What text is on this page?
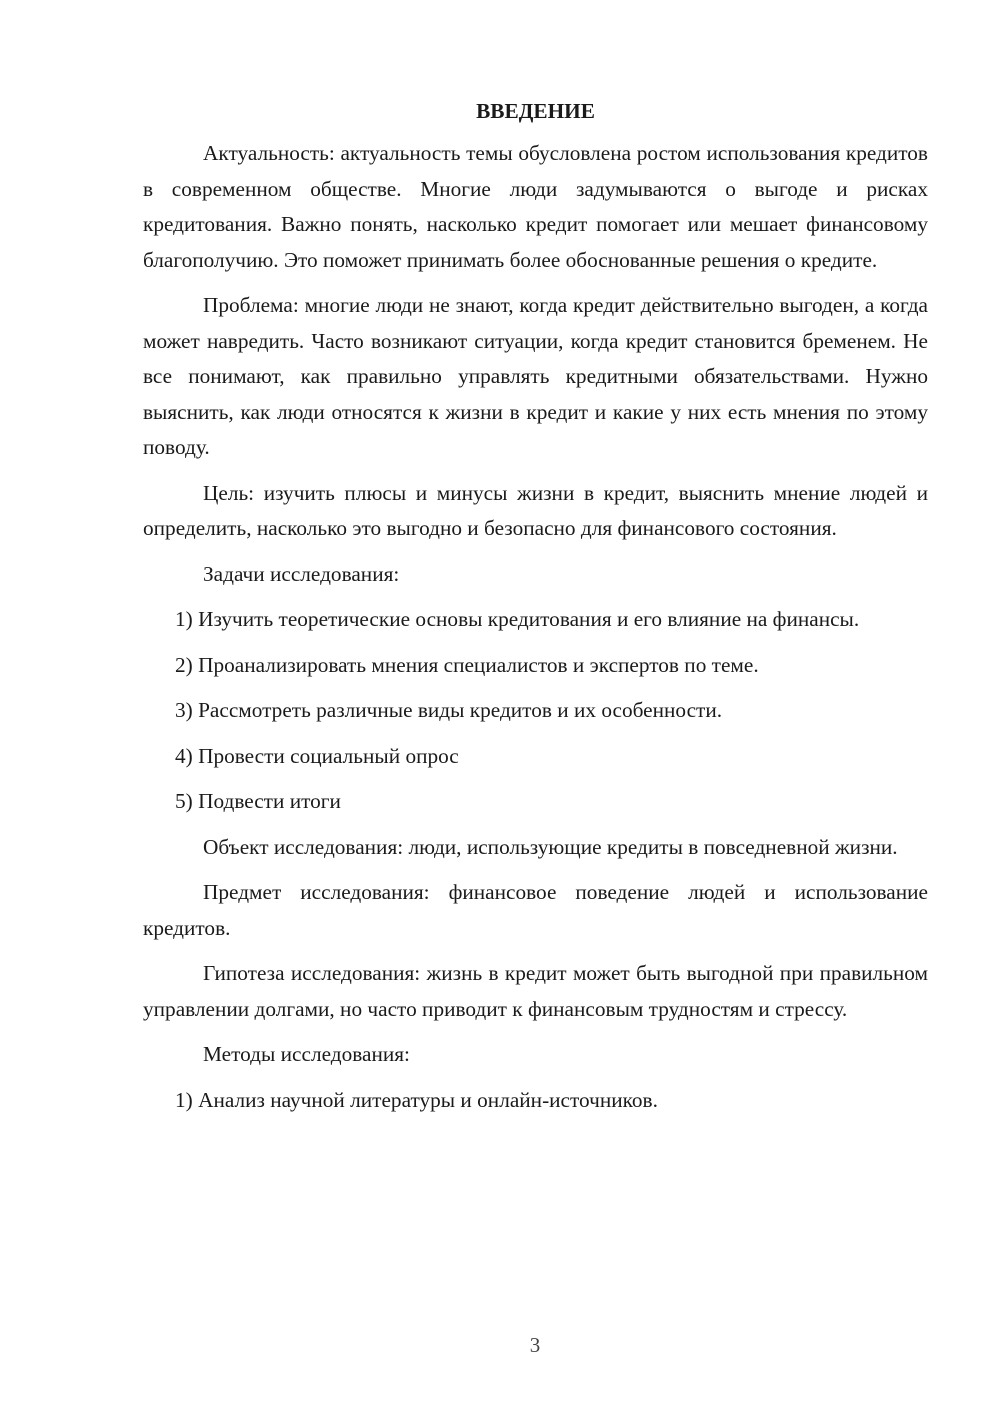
ВВЕДЕНИЕ

Актуальность: актуальность темы обусловлена ростом использования кредитов в современном обществе. Многие люди задумываются о выгоде и рисках кредитования. Важно понять, насколько кредит помогает или мешает финансовому благополучию. Это поможет принимать более обоснованные решения о кредите.

Проблема: многие люди не знают, когда кредит действительно выгоден, а когда может навредить. Часто возникают ситуации, когда кредит становится бременем. Не все понимают, как правильно управлять кредитными обязательствами. Нужно выяснить, как люди относятся к жизни в кредит и какие у них есть мнения по этому поводу.

Цель: изучить плюсы и минусы жизни в кредит, выяснить мнение людей и определить, насколько это выгодно и безопасно для финансового состояния.

Задачи исследования:

1) Изучить теоретические основы кредитования и его влияние на финансы.

2) Проанализировать мнения специалистов и экспертов по теме.

3) Рассмотреть различные виды кредитов и их особенности.

4) Провести социальный опрос

5) Подвести итоги

Объект исследования: люди, использующие кредиты в повседневной жизни.

Предмет исследования: финансовое поведение людей и использование кредитов.

Гипотеза исследования: жизнь в кредит может быть выгодной при правильном управлении долгами, но часто приводит к финансовым трудностям и стрессу.

Методы исследования:

1) Анализ научной литературы и онлайн-источников.

3
